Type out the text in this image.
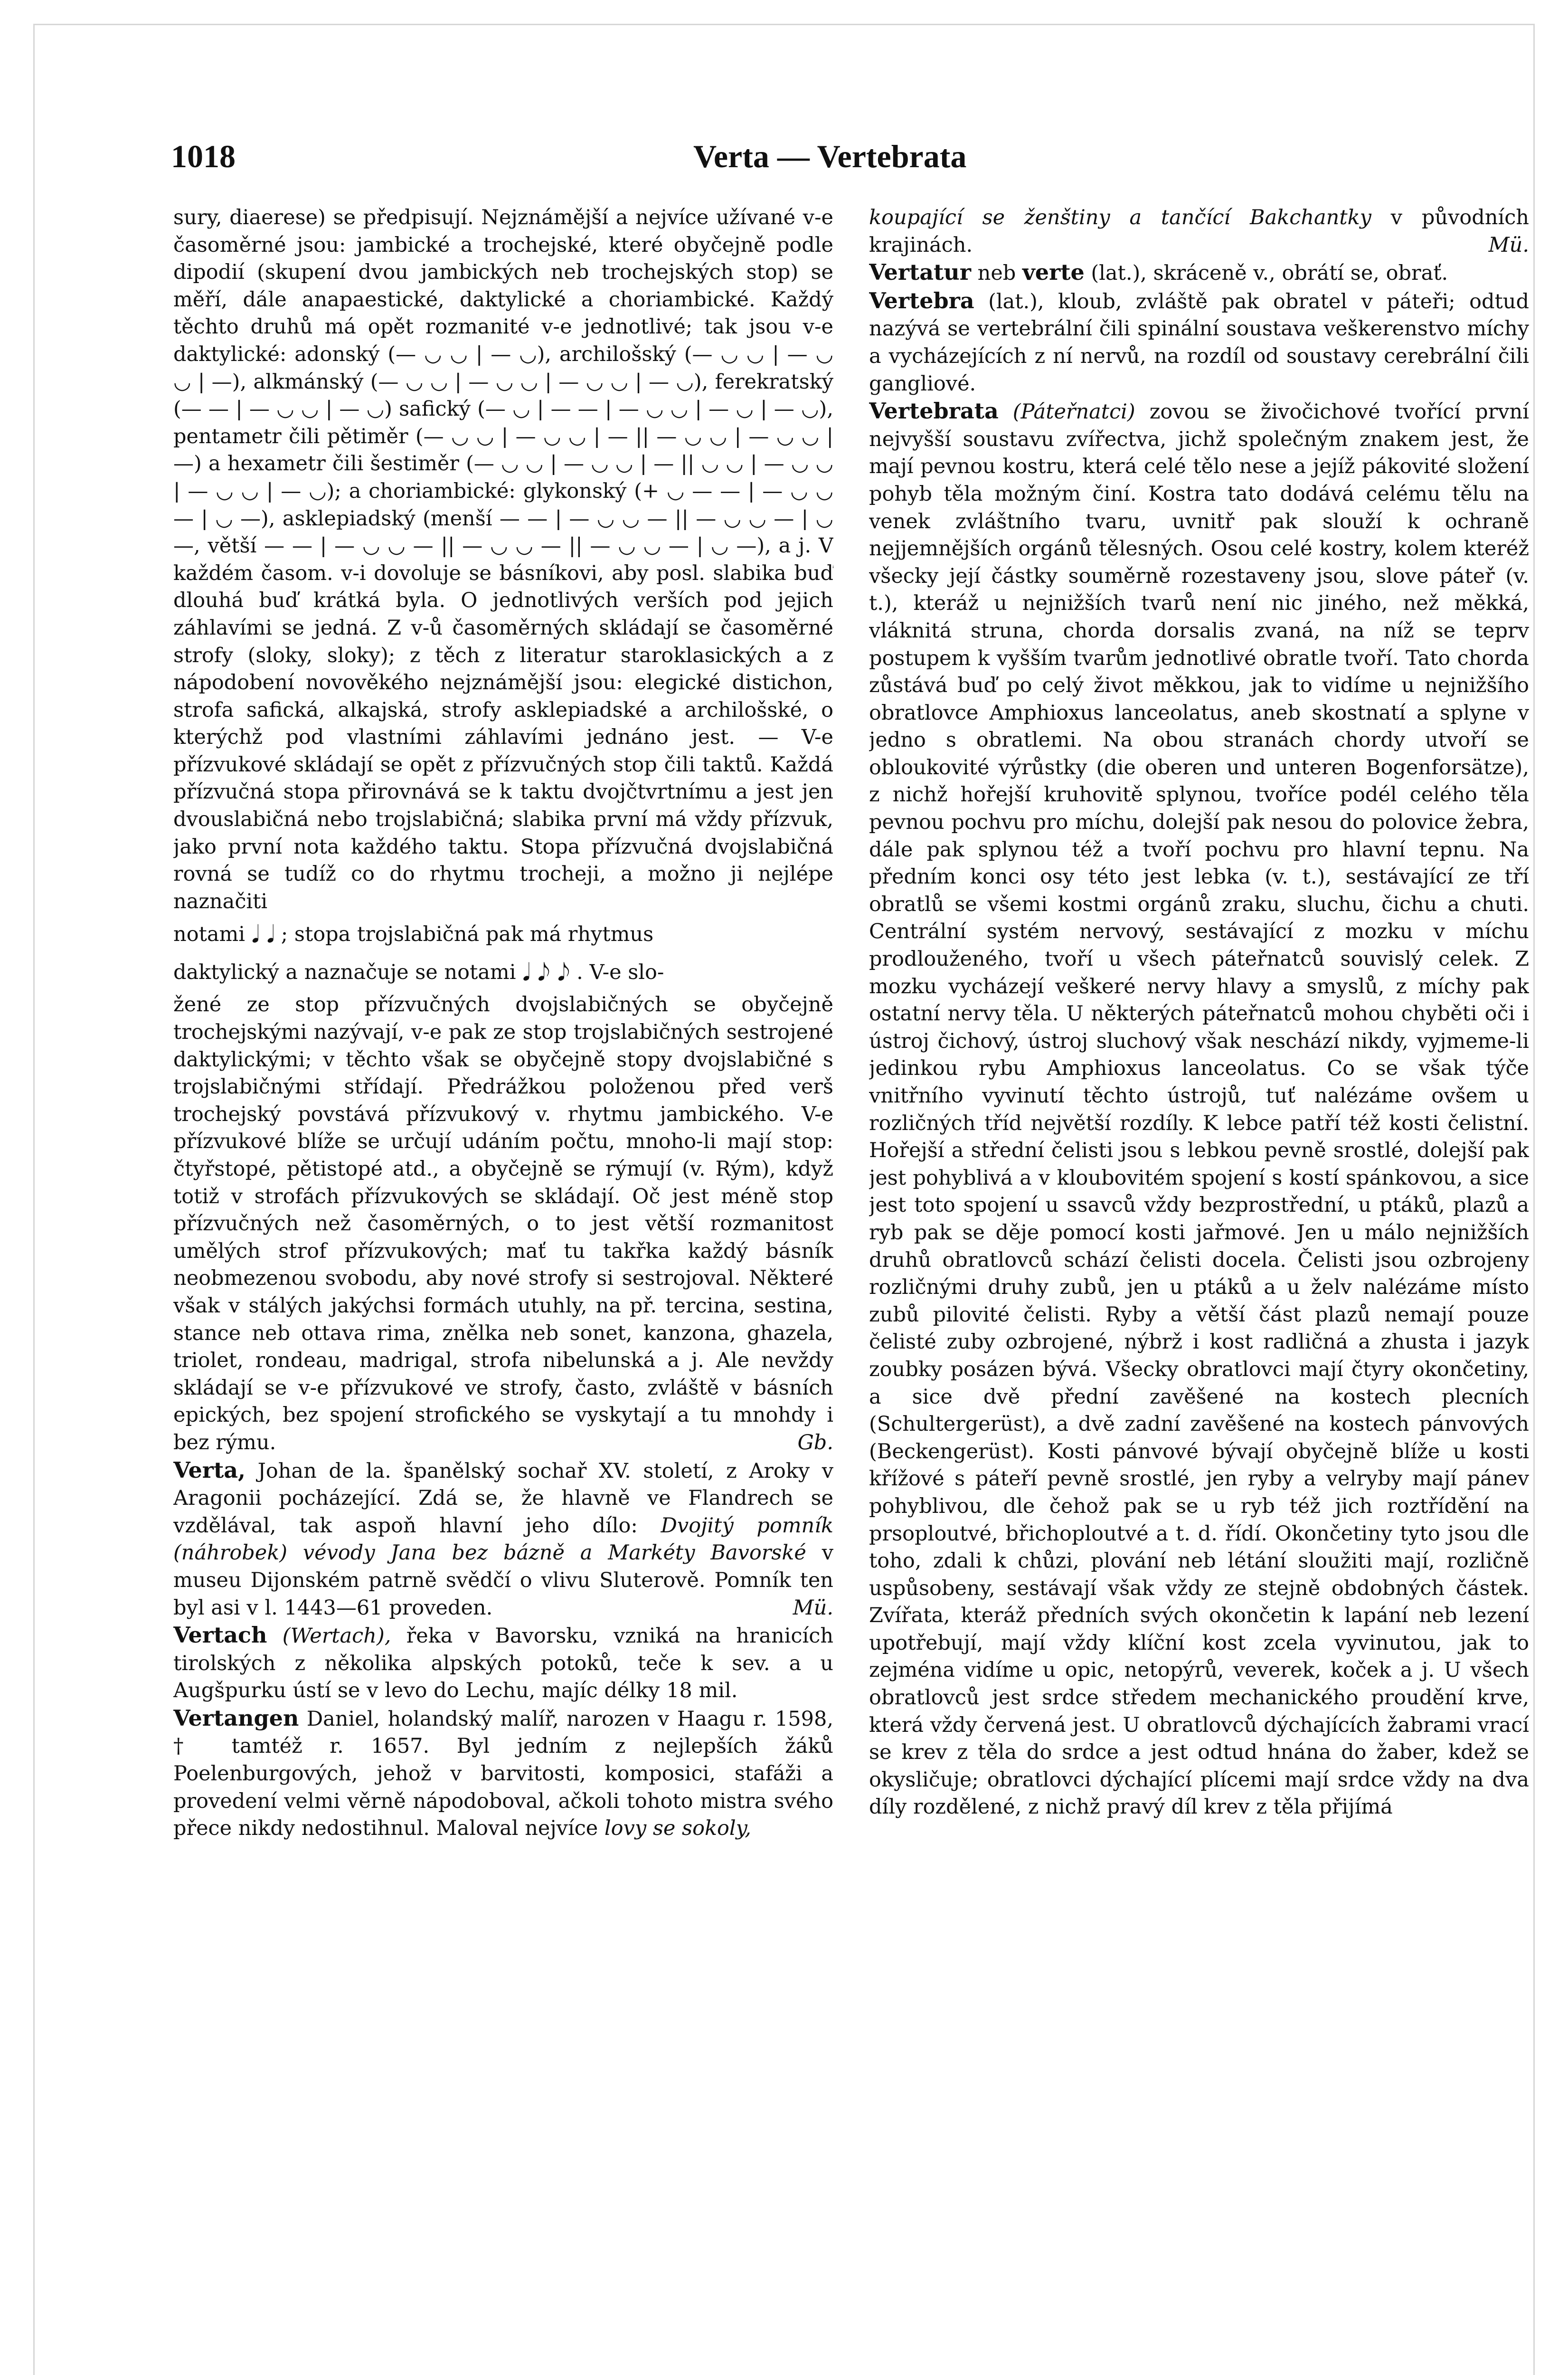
1018	Verta — Vertebrata

sury, diaerese) se předpisují. Nejznámější a nejvíce užívané v-e časoměrné jsou: jambické a trochejské, které obyčejně podle dipodií (skupení dvou jambických neb trochejských stop) se měří, dále anapaestické, daktylické a choriambické. Každý těchto druhů má opět rozmanité v-e jednotlivé; tak jsou v-e daktylické: adonský (— ◡ ◡ | — ◡), archilošský (— ◡ ◡ | — ◡ ◡ | —), alkmánský (— ◡ ◡ | — ◡ ◡ | — ◡ ◡ | — ◡), ferekratský (— — | — ◡ ◡ | — ◡) safický (— ◡ | — — | — ◡ ◡ | — ◡ | — ◡), pentametr čili pětiměr (— ◡ ◡ | — ◡ ◡ | — || — ◡ ◡ | — ◡ ◡ | —) a hexametr čili šestiměr (— ◡ ◡ | — ◡ ◡ | — || ◡ ◡ | — ◡ ◡ | — ◡ ◡ | — ◡); a choriambické: glykonský (+ ◡ — — | — ◡ ◡ — | ◡ —), asklepiadský (menší — — | — ◡ ◡ — || — ◡ ◡ — | ◡ —, větší — — | — ◡ ◡ — || — ◡ ◡ — || — ◡ ◡ — | ◡ —), a j. V každém časom. v-i dovoluje se básníkovi, aby posl. slabika buď dlouhá buď krátká byla. O jednotlivých verších pod jejich záhlavími se jedná. Z v-ů časoměrných skládají se časoměrné strofy (sloky, sloky); z těch z literatur staroklasických a z nápodobení novověkého nejznámější jsou: elegické distichon, strofa safická, alkajská, strofy asklepiadské a archilošské, o kterýchž pod vlastními záhlavími jednáno jest. — V-e přízvukové skládají se opět z přízvučných stop čili taktů. Každá přízvučná stopa přirovnává se k taktu dvojčtvrtnímu a jest jen dvouslabičná nebo trojslabičná; slabika první má vždy přízvuk, jako první nota každého taktu. Stopa přízvučná dvojslabičná rovná se tudíž co do rhytmu trocheji, a možno ji nejlépe naznačiti

notami 𝅘𝅥 𝅘𝅥 ; stopa trojslabičná pak má rhytmus
daktylický a naznačuje se notami 𝅘𝅥 𝅘𝅥𝅮 𝅘𝅥𝅮 . V-e slo-

žené ze stop přízvučných dvojslabičných se obyčejně trochejskými nazývají, v-e pak ze stop trojslabičných sestrojené daktylickými; v těchto však se obyčejně stopy dvojslabičné s trojslabičnými střídají. Předrážkou položenou před verš trochejský povstává přízvukový v. rhytmu jambického. V-e přízvukové blíže se určují udáním počtu, mnoho-li mají stop: čtyřstopé, pětistopé atd., a obyčejně se rýmují (v. Rým), když totiž v strofách přízvukových se skládají. Oč jest méně stop přízvučných než časoměrných, o to jest větší rozmanitost umělých strof přízvukových; mať tu takřka každý básník neobmezenou svobodu, aby nové strofy si sestrojoval. Některé však v stálých jakýchsi formách utuhly, na př. tercina, sestina, stance neb ottava rima, znělka neb sonet, kanzona, ghazela, triolet, rondeau, madrigal, strofa nibelunská a j. Ale nevždy skládají se v-e přízvukové ve strofy, často, zvláště v básních epických, bez spojení strofického se vyskytají a tu mnohdy i bez rýmu.	Gb.

Verta, Johan de la. španělský sochař XV. století, z Aroky v Aragonii pocházející. Zdá se, že hlavně ve Flandrech se vzdělával, tak aspoň hlavní jeho dílo: Dvojitý pomník (náhrobek) vévody Jana bez bázně a Markéty Bavorské v museu Dijonském patrně svědčí o vlivu Sluterově. Pomník ten byl asi v l. 1443—61 proveden.	Mü.

Vertach (Wertach), řeka v Bavorsku, vzniká na hranicích tirolských z několika alpských potoků, teče k sev. a u Augšpurku ústí se v levo do Lechu, majíc délky 18 mil.

Vertangen Daniel, holandský malíř, narozen v Haagu r. 1598, † tamtéž r. 1657. Byl jedním z nejlepších žáků Poelenburgových, jehož v barvitosti, komposici, stafáži a provedení velmi věrně nápodoboval, ačkoli tohoto mistra svého přece nikdy nedostihnul. Maloval nejvíce lovy se sokoly,

koupající se ženštiny a tančící Bakchantky v původních krajinách.	Mü.

Vertatur neb verte (lat.), skráceně v., obrátí se, obrať.

Vertebra (lat.), kloub, zvláště pak obratel v páteři; odtud nazývá se vertebrální čili spinální soustava veškerenstvo míchy a vycházejících z ní nervů, na rozdíl od soustavy cerebrální čili gangliové.

Vertebrata (Páteřnatci) zovou se živočichové tvořící první nejvyšší soustavu zvířectva, jichž společným znakem jest, že mají pevnou kostru, která celé tělo nese a jejíž pákovité složení pohyb těla možným činí. Kostra tato dodává celému tělu na venek zvláštního tvaru, uvnitř pak slouží k ochraně nejjemnějších orgánů tělesných. Osou celé kostry, kolem kteréž všecky její částky souměrně rozestaveny jsou, slove páteř (v. t.), kteráž u nejnižších tvarů není nic jiného, než měkká, vláknitá struna, chorda dorsalis zvaná, na níž se teprv postupem k vyšším tvarům jednotlivé obratle tvoří. Tato chorda zůstává buď po celý život měkkou, jak to vidíme u nejnižšího obratlovce Amphioxus lanceolatus, aneb skostnatí a splyne v jedno s obratlemi. Na obou stranách chordy utvoří se obloukovité výrůstky (die oberen und unteren Bogenforsätze), z nichž hořejší kruhovitě splynou, tvoříce podél celého těla pevnou pochvu pro míchu, dolejší pak nesou do polovice žebra, dále pak splynou též a tvoří pochvu pro hlavní tepnu. Na předním konci osy této jest lebka (v. t.), sestávající ze tří obratlů se všemi kostmi orgánů zraku, sluchu, čichu a chuti. Centrální systém nervový, sestávající z mozku v míchu prodlouženého, tvoří u všech páteřnatců souvislý celek. Z mozku vycházejí veškeré nervy hlavy a smyslů, z míchy pak ostatní nervy těla. U některých páteřnatců mohou chyběti oči i ústroj čichový, ústroj sluchový však neschází nikdy, vyjmeme-li jedinkou rybu Amphioxus lanceolatus. Co se však týče vnitřního vyvinutí těchto ústrojů, tuť nalézáme ovšem u rozličných tříd největší rozdíly. K lebce patří též kosti čelistní. Hořejší a střední čelisti jsou s lebkou pevně srostlé, dolejší pak jest pohyblivá a v kloubovitém spojení s kostí spánkovou, a sice jest toto spojení u ssavců vždy bezprostřední, u ptáků, plazů a ryb pak se děje pomocí kosti jařmové. Jen u málo nejnižších druhů obratlovců schází čelisti docela. Čelisti jsou ozbrojeny rozličnými druhy zubů, jen u ptáků a u želv nalézáme místo zubů pilovité čelisti. Ryby a větší část plazů nemají pouze čelisté zuby ozbrojené, nýbrž i kost radličná a zhusta i jazyk zoubky posázen bývá. Všecky obratlovci mají čtyry okončetiny, a sice dvě přední zavěšené na kostech plecních (Schultergerüst), a dvě zadní zavěšené na kostech pánvových (Beckengerüst). Kosti pánvové bývají obyčejně blíže u kosti křížové s páteří pevně srostlé, jen ryby a velryby mají pánev pohyblivou, dle čehož pak se u ryb též jich roztřídění na prsoploutvé, břichoploutvé a t. d. řídí. Okončetiny tyto jsou dle toho, zdali k chůzi, plování neb létání sloužiti mají, rozličně uspůsobeny, sestávají však vždy ze stejně obdobných částek. Zvířata, kteráž předních svých okončetin k lapání neb lezení upotřebují, mají vždy klíční kost zcela vyvinutou, jak to zejména vidíme u opic, netopýrů, veverek, koček a j. U všech obratlovců jest srdce středem mechanického proudění krve, která vždy červená jest. U obratlovců dýchajících žabrami vrací se krev z těla do srdce a jest odtud hnána do žaber, kdež se okysličuje; obratlovci dýchající plícemi mají srdce vždy na dva díly rozdělené, z nichž pravý díl krev z těla přijímá
